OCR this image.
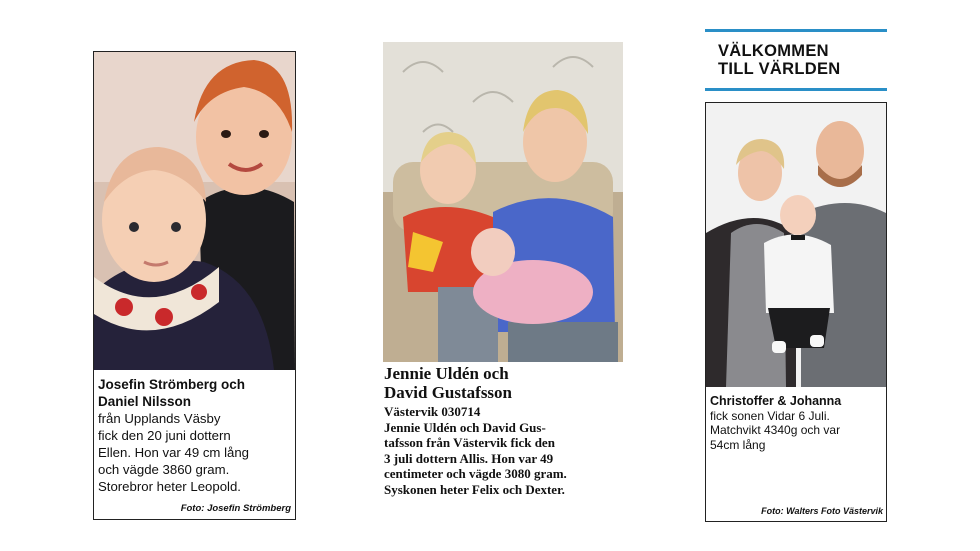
Josefin Strömberg och
Daniel Nilsson
från Upplands Väsby
fick den 20 juni dottern
Ellen. Hon var 49 cm lång
och vägde 3860 gram.
Storebror heter Leopold.
Foto: Josefin Strömberg
Jennie Uldén och
David Gustafsson
Västervik 030714
Jennie Uldén och David Gus-
tafsson från Västervik fick den
3 juli dottern Allis. Hon var 49
centimeter och vägde 3080 gram.
Syskonen heter Felix och Dexter.
VÄLKOMMEN
TILL VÄRLDEN
Christoffer & Johanna
fick sonen Vidar 6 Juli.
Matchvikt 4340g och var
54cm lång
Foto: Walters Foto Västervik
